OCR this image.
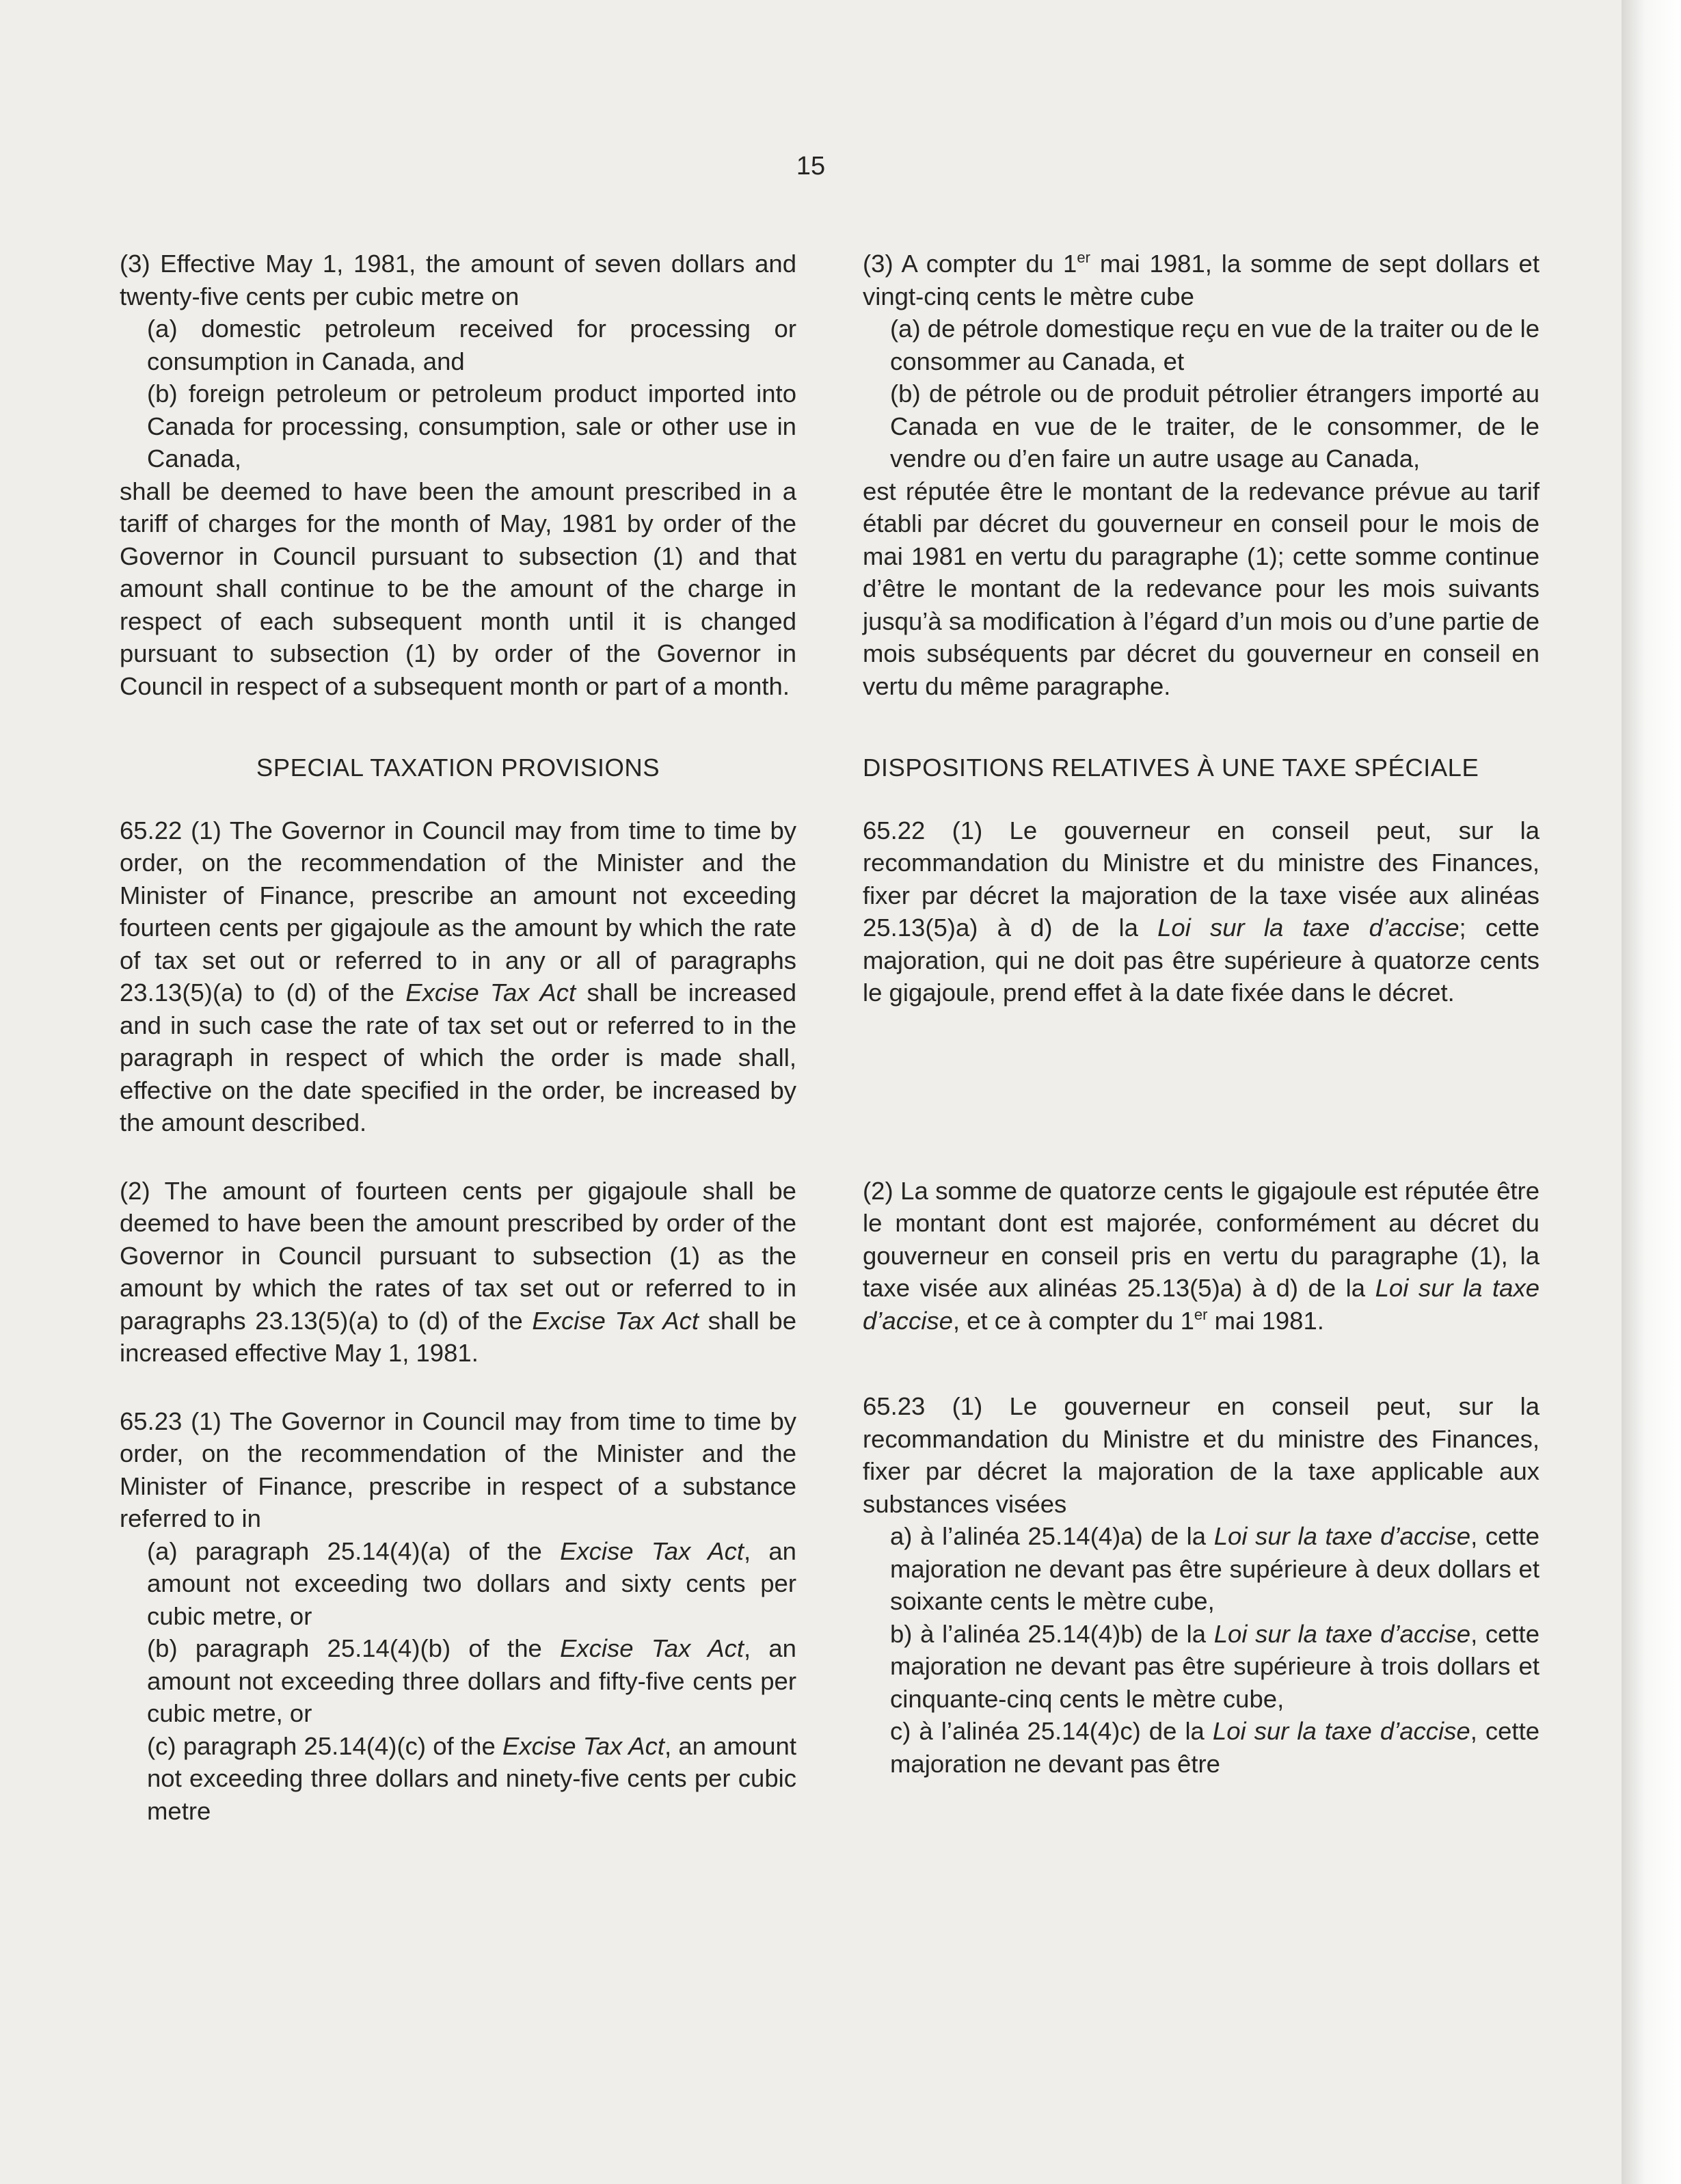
15

(3) Effective May 1, 1981, the amount of seven dollars and twenty-five cents per cubic metre on

(a) domestic petroleum received for processing or consumption in Canada, and

(b) foreign petroleum or petroleum product imported into Canada for processing, consumption, sale or other use in Canada,

shall be deemed to have been the amount prescribed in a tariff of charges for the month of May, 1981 by order of the Governor in Council pursuant to subsection (1) and that amount shall continue to be the amount of the charge in respect of each subsequent month until it is changed pursuant to subsection (1) by order of the Governor in Council in respect of a subsequent month or part of a month.

SPECIAL TAXATION PROVISIONS

65.22 (1) The Governor in Council may from time to time by order, on the recommendation of the Minister and the Minister of Finance, prescribe an amount not exceeding fourteen cents per gigajoule as the amount by which the rate of tax set out or referred to in any or all of paragraphs 23.13(5)(a) to (d) of the Excise Tax Act shall be increased and in such case the rate of tax set out or referred to in the paragraph in respect of which the order is made shall, effective on the date specified in the order, be increased by the amount described.

(2) The amount of fourteen cents per gigajoule shall be deemed to have been the amount prescribed by order of the Governor in Council pursuant to subsection (1) as the amount by which the rates of tax set out or referred to in paragraphs 23.13(5)(a) to (d) of the Excise Tax Act shall be increased effective May 1, 1981.

65.23 (1) The Governor in Council may from time to time by order, on the recommendation of the Minister and the Minister of Finance, prescribe in respect of a substance referred to in

(a) paragraph 25.14(4)(a) of the Excise Tax Act, an amount not exceeding two dollars and sixty cents per cubic metre, or

(b) paragraph 25.14(4)(b) of the Excise Tax Act, an amount not exceeding three dollars and fifty-five cents per cubic metre, or

(c) paragraph 25.14(4)(c) of the Excise Tax Act, an amount not exceeding three dollars and ninety-five cents per cubic metre

(3) A compter du 1er mai 1981, la somme de sept dollars et vingt-cinq cents le mètre cube

(a) de pétrole domestique reçu en vue de la traiter ou de le consommer au Canada, et

(b) de pétrole ou de produit pétrolier étrangers importé au Canada en vue de le traiter, de le consommer, de le vendre ou d’en faire un autre usage au Canada,

est réputée être le montant de la redevance prévue au tarif établi par décret du gouverneur en conseil pour le mois de mai 1981 en vertu du paragraphe (1); cette somme continue d’être le montant de la redevance pour les mois suivants jusqu’à sa modification à l’égard d’un mois ou d’une partie de mois subséquents par décret du gouverneur en conseil en vertu du même paragraphe.

DISPOSITIONS RELATIVES À UNE TAXE SPÉCIALE

65.22 (1) Le gouverneur en conseil peut, sur la recommandation du Ministre et du ministre des Finances, fixer par décret la majoration de la taxe visée aux alinéas 25.13(5)a) à d) de la Loi sur la taxe d’accise; cette majoration, qui ne doit pas être supérieure à quatorze cents le gigajoule, prend effet à la date fixée dans le décret.

(2) La somme de quatorze cents le gigajoule est réputée être le montant dont est majorée, conformément au décret du gouverneur en conseil pris en vertu du paragraphe (1), la taxe visée aux alinéas 25.13(5)a) à d) de la Loi sur la taxe d’accise, et ce à compter du 1er mai 1981.

65.23 (1) Le gouverneur en conseil peut, sur la recommandation du Ministre et du ministre des Finances, fixer par décret la majoration de la taxe applicable aux substances visées

a) à l’alinéa 25.14(4)a) de la Loi sur la taxe d’accise, cette majoration ne devant pas être supérieure à deux dollars et soixante cents le mètre cube,

b) à l’alinéa 25.14(4)b) de la Loi sur la taxe d’accise, cette majoration ne devant pas être supérieure à trois dollars et cinquante-cinq cents le mètre cube,

c) à l’alinéa 25.14(4)c) de la Loi sur la taxe d’accise, cette majoration ne devant pas être
